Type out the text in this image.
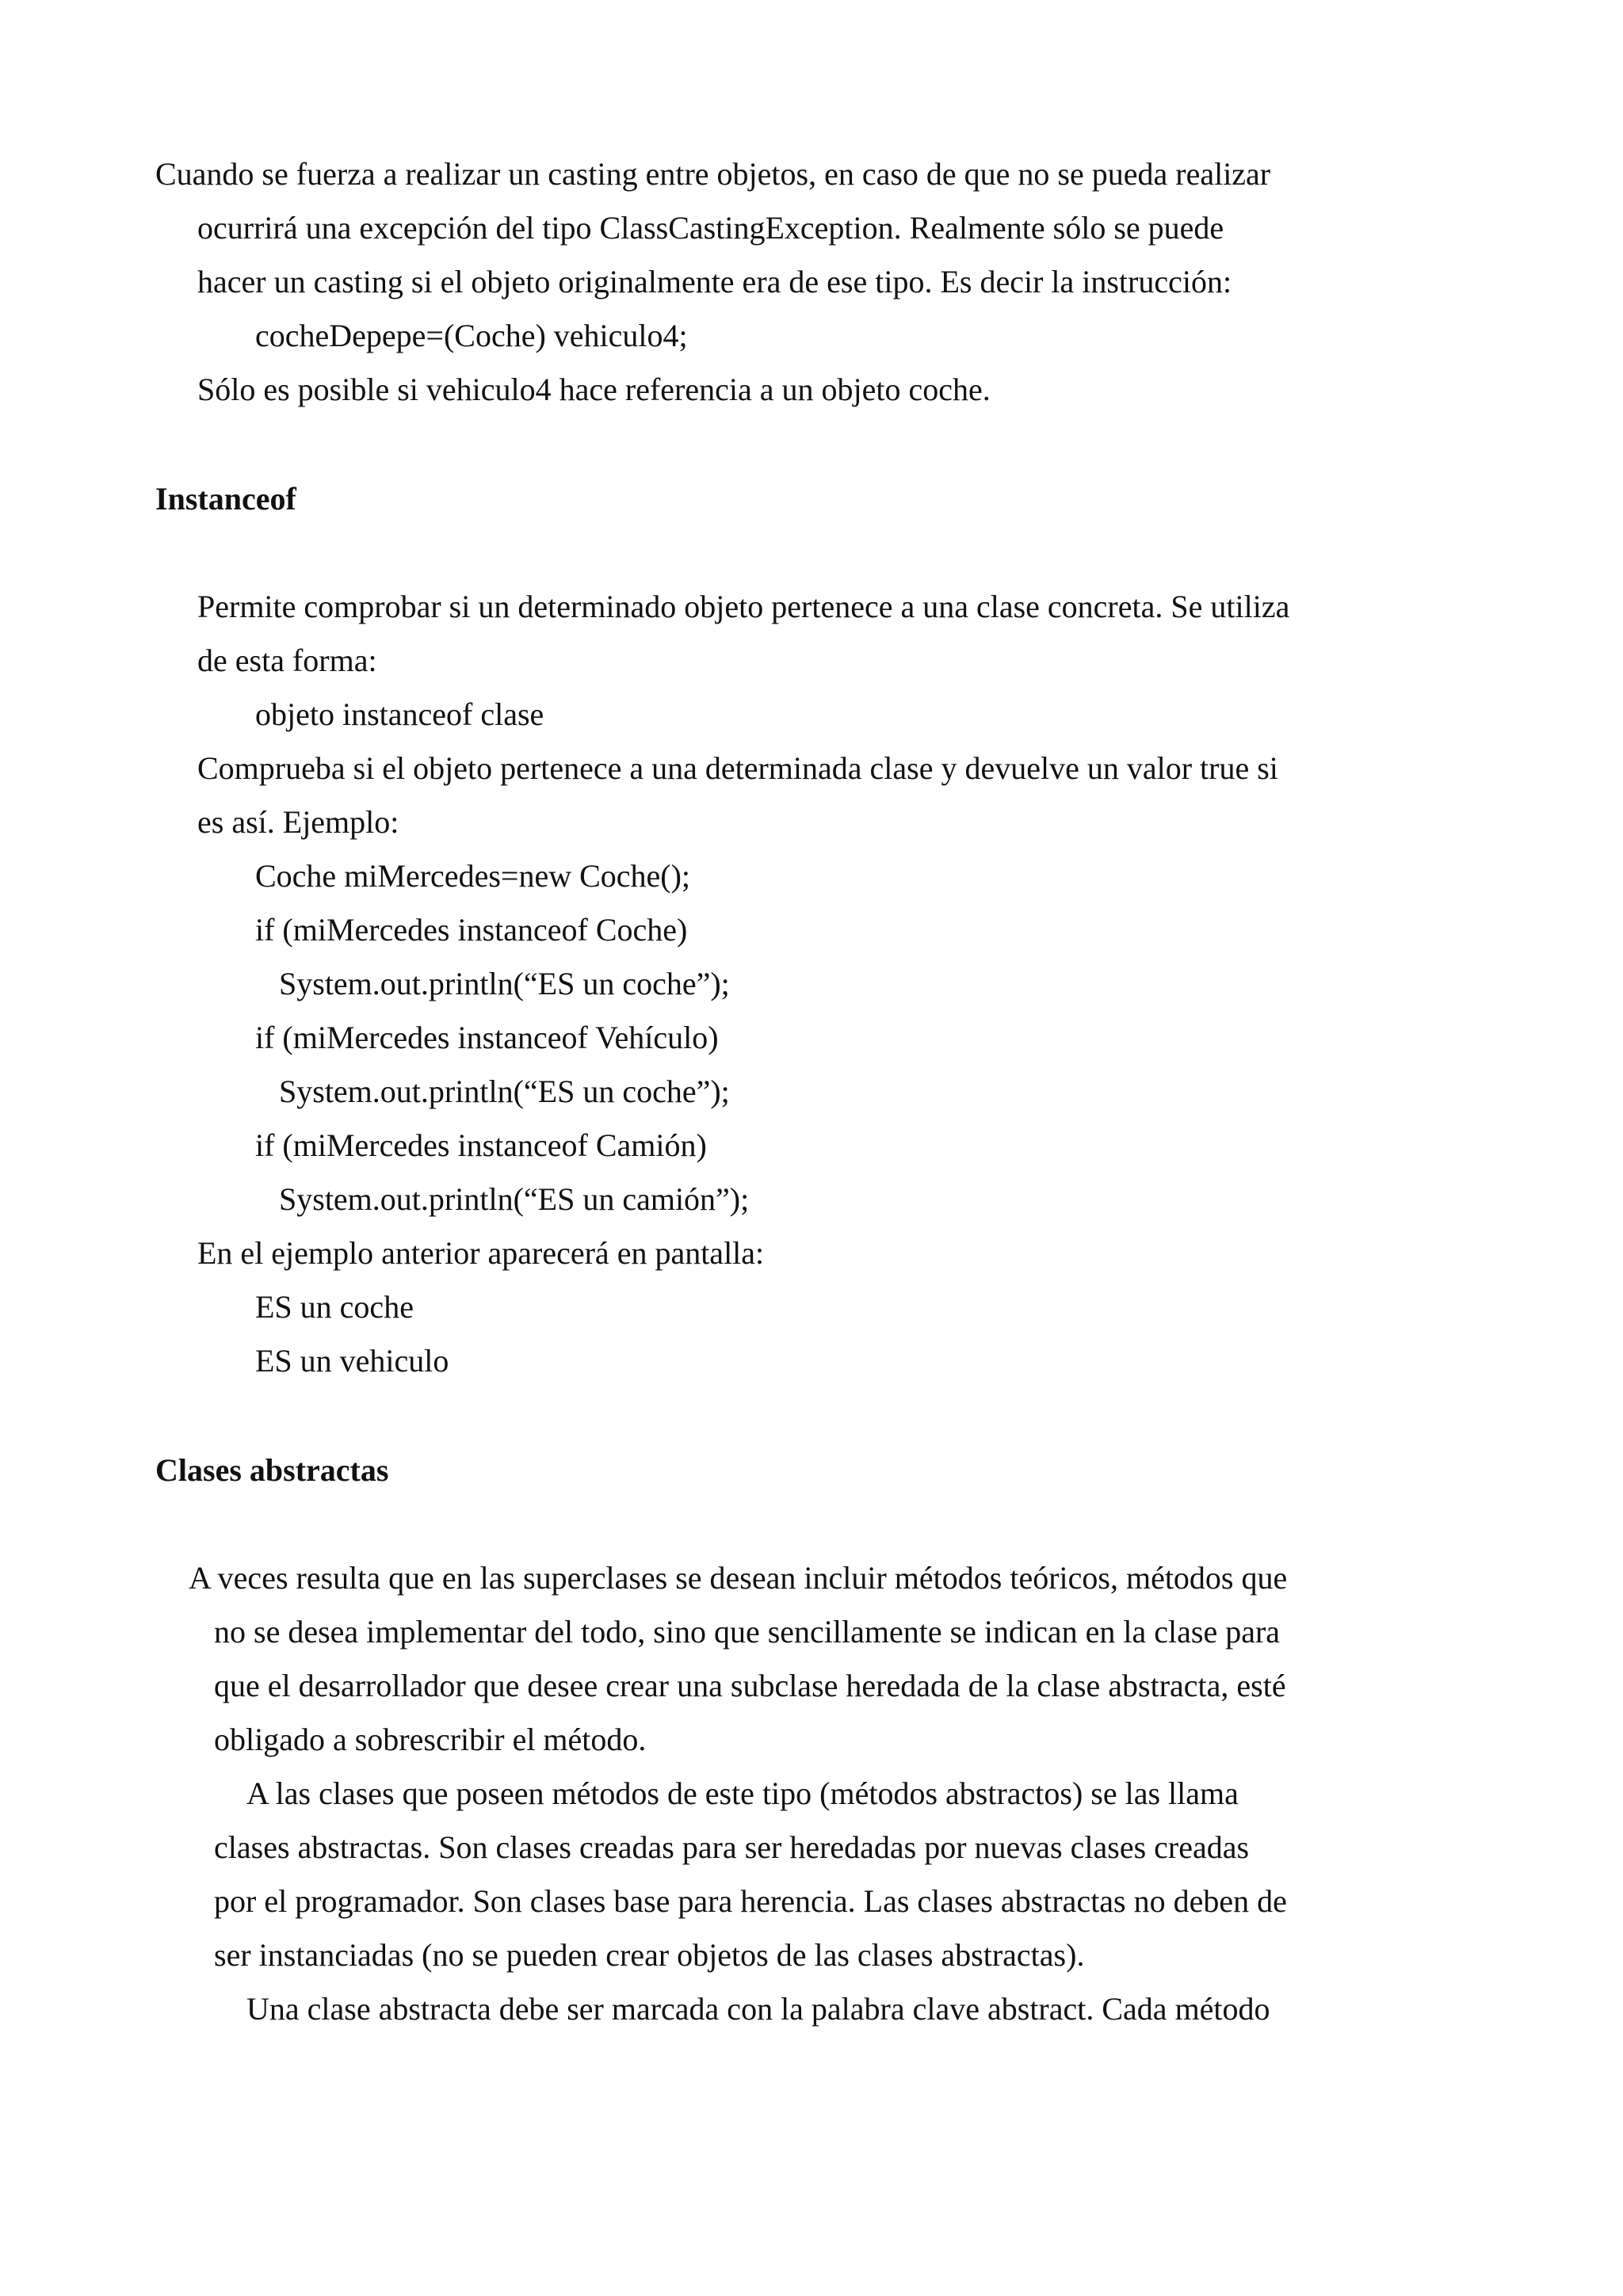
Cuando se fuerza a realizar un casting entre objetos, en caso de que no se pueda realizar
ocurrirá una excepción del tipo ClassCastingException. Realmente sólo se puede
hacer un casting si el objeto originalmente era de ese tipo. Es decir la instrucción:
cocheDepepe=(Coche) vehiculo4;
Sólo es posible si vehiculo4 hace referencia a un objeto coche.
Instanceof
Permite comprobar si un determinado objeto pertenece a una clase concreta. Se utiliza
de esta forma:
objeto instanceof clase
Comprueba si el objeto pertenece a una determinada clase y devuelve un valor true si
es así. Ejemplo:
Coche miMercedes=new Coche();
if (miMercedes instanceof Coche)
System.out.println(“ES un coche”);
if (miMercedes instanceof Vehículo)
System.out.println(“ES un coche”);
if (miMercedes instanceof Camión)
System.out.println(“ES un camión”);
En el ejemplo anterior aparecerá en pantalla:
ES un coche
ES un vehiculo
Clases abstractas
A veces resulta que en las superclases se desean incluir métodos teóricos, métodos que
no se desea implementar del todo, sino que sencillamente se indican en la clase para
que el desarrollador que desee crear una subclase heredada de la clase abstracta, esté
obligado a sobrescribir el método.
A las clases que poseen métodos de este tipo (métodos abstractos) se las llama
clases abstractas. Son clases creadas para ser heredadas por nuevas clases creadas
por el programador. Son clases base para herencia. Las clases abstractas no deben de
ser instanciadas (no se pueden crear objetos de las clases abstractas).
Una clase abstracta debe ser marcada con la palabra clave abstract. Cada método
